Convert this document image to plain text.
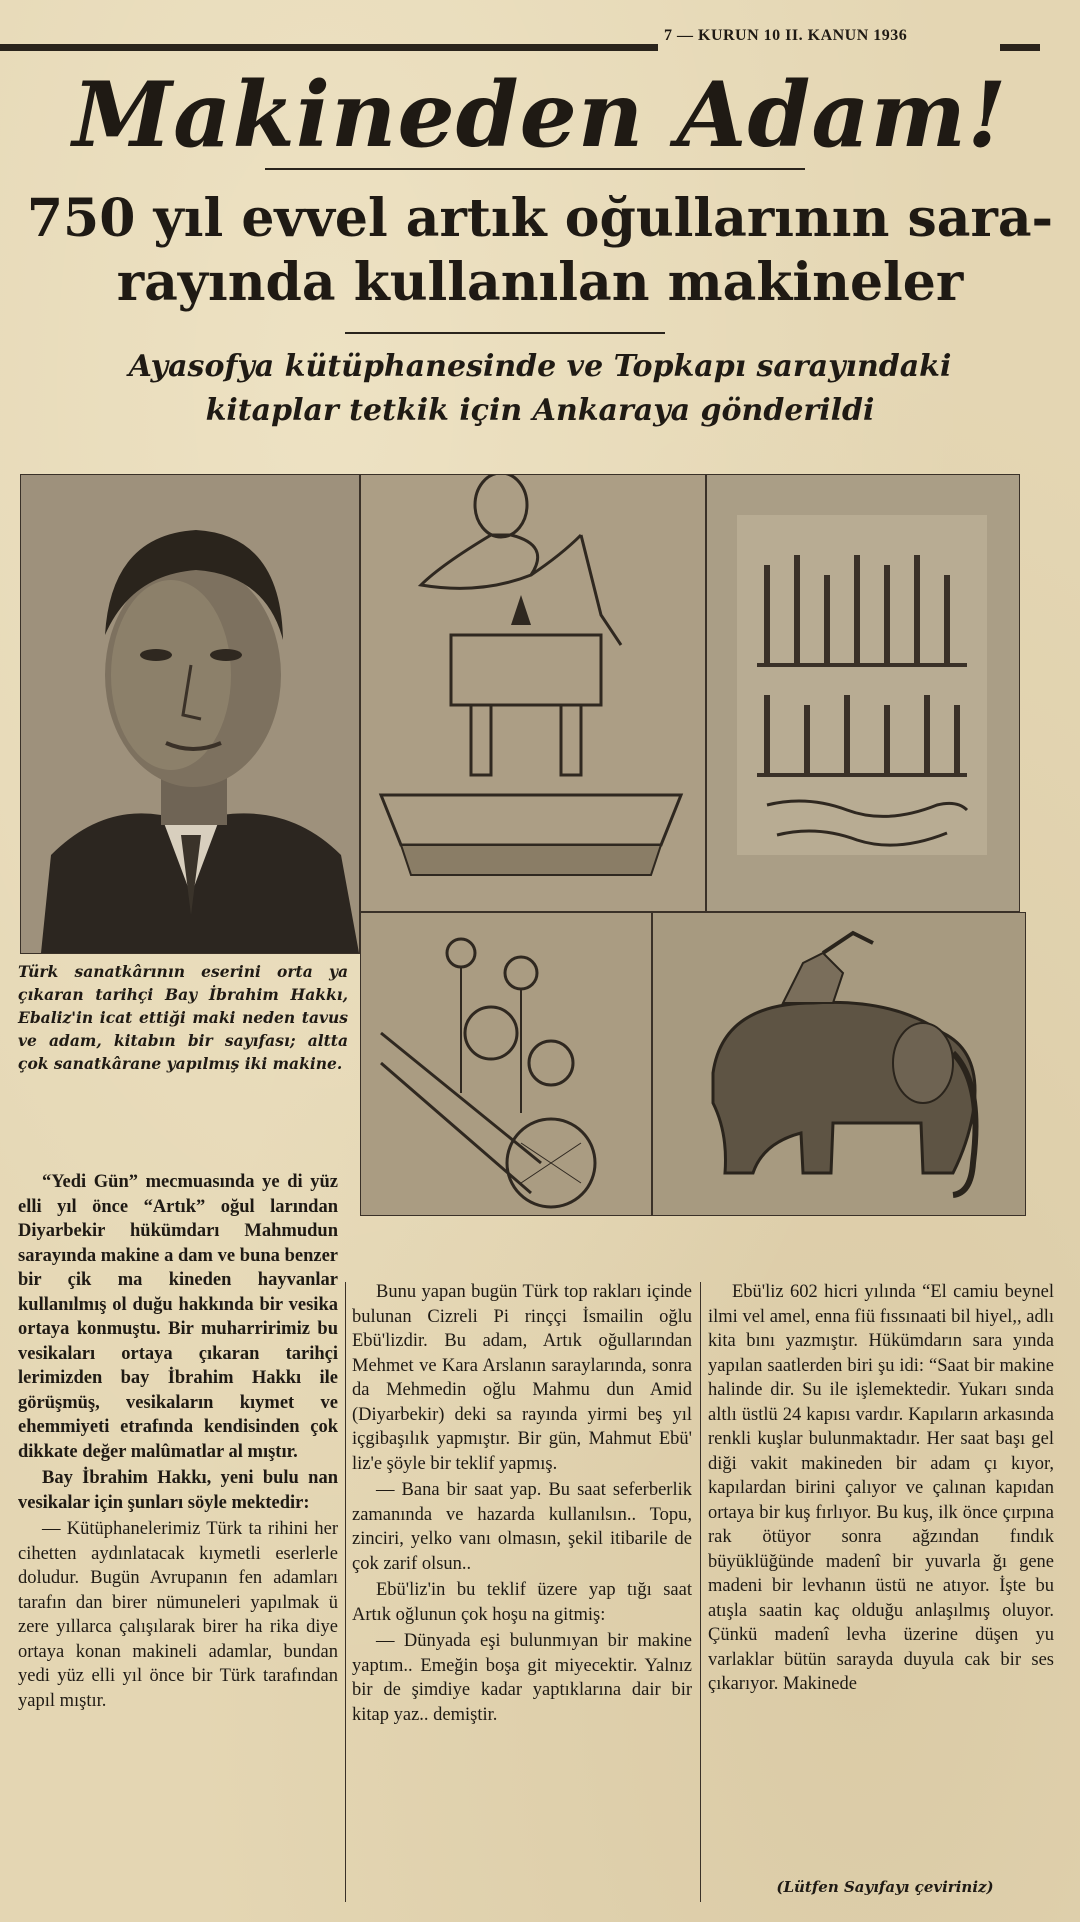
7 — KURUN 10 II. KANUN 1936
Makineden Adam!
750 yıl evvel artık oğullarının sara-
rayında kullanılan makineler
Ayasofya kütüphanesinde ve Topkapı sarayındaki
kitaplar tetkik için Ankaraya gönderildi
Türk sanatkârının eserini orta ya çıkaran tarihçi Bay İbrahim Hakkı, Ebaliz'in icat ettiği maki neden tavus ve adam, kitabın bir sayıfası; altta çok sanatkârane yapılmış iki makine.

“Yedi Gün” mecmuasında ye di yüz elli yıl önce “Artık” oğul larından Diyarbekir hükümdarı Mahmudun sarayında makine a dam ve buna benzer bir çik ma kineden hayvanlar kullanılmış ol duğu hakkında bir vesika ortaya konmuştu. Bir muharririmiz bu vesikaları ortaya çıkaran tarihçi lerimizden bay İbrahim Hakkı ile görüşmüş, vesikaların kıymet ve ehemmiyeti etrafında kendisinden çok dikkate değer malûmatlar al mıştır.

Bay İbrahim Hakkı, yeni bulu nan vesikalar için şunları söyle mektedir:

— Kütüphanelerimiz Türk ta rihini her cihetten aydınlatacak kıymetli eserlerle doludur. Bugün Avrupanın fen adamları tarafın dan birer nümuneleri yapılmak ü zere yıllarca çalışılarak birer ha rika diye ortaya konan makineli adamlar, bundan yedi yüz elli yıl önce bir Türk tarafından yapıl mıştır.

Bunu yapan bugün Türk top rakları içinde bulunan Cizreli Pi rinççi İsmailin oğlu Ebü'lizdir. Bu adam, Artık oğullarından Mehmet ve Kara Arslanın saraylarında, sonra da Mehmedin oğlu Mahmu dun Amid (Diyarbekir) deki sa rayında yirmi beş yıl içgibaşılık yapmıştır. Bir gün, Mahmut Ebü' liz'e şöyle bir teklif yapmış.

— Bana bir saat yap. Bu saat seferberlik zamanında ve hazarda kullanılsın.. Topu, zinciri, yelko vanı olmasın, şekil itibarile de çok zarif olsun..

Ebü'liz'in bu teklif üzere yap tığı saat Artık oğlunun çok hoşu na gitmiş:

— Dünyada eşi bulunmıyan bir makine yaptım.. Emeğin boşa git miyecektir. Yalnız bir de şimdiye kadar yaptıklarına dair bir kitap yaz.. demiştir.

Ebü'liz 602 hicri yılında “El camiu beynel ilmi vel amel, enna fiü fıssınaati bil hiyel,, adlı kita bını yazmıştır. Hükümdarın sara yında yapılan saatlerden biri şu idi: “Saat bir makine halinde dir. Su ile işlemektedir. Yukarı sında altlı üstlü 24 kapısı vardır. Kapıların arkasında renkli kuşlar bulunmaktadır. Her saat başı gel diği vakit makineden bir adam çı kıyor, kapılardan birini çalıyor ve çalınan kapıdan ortaya bir kuş fırlıyor. Bu kuş, ilk önce çırpına rak ötüyor sonra ağzından fındık büyüklüğünde madenî bir yuvarla ğı gene madeni bir levhanın üstü ne atıyor. İşte bu atışla saatin kaç olduğu anlaşılmış oluyor. Çünkü madenî levha üzerine düşen yu varlaklar bütün sarayda duyula cak bir ses çıkarıyor. Makinede

(Lütfen Sayıfayı çeviriniz)
